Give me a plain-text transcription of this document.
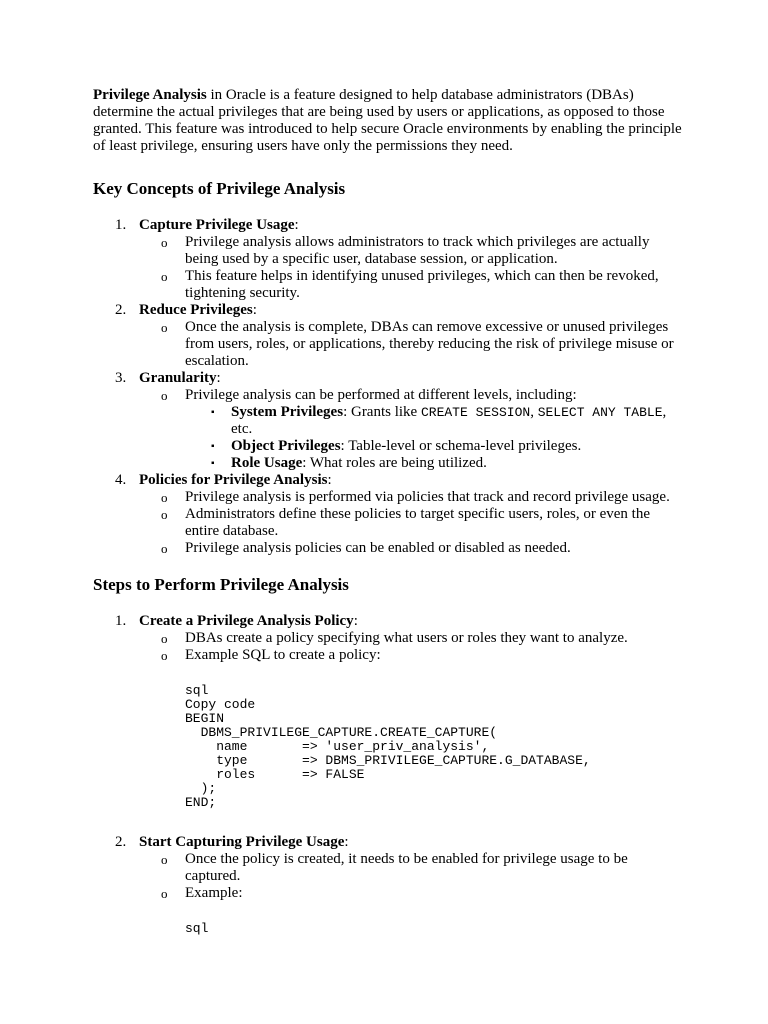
Privilege Analysis in Oracle is a feature designed to help database administrators (DBAs) determine the actual privileges that are being used by users or applications, as opposed to those granted. This feature was introduced to help secure Oracle environments by enabling the principle of least privilege, ensuring users have only the permissions they need.

Key Concepts of Privilege Analysis
1. Capture Privilege Usage:
o Privilege analysis allows administrators to track which privileges are actually being used by a specific user, database session, or application.
o This feature helps in identifying unused privileges, which can then be revoked, tightening security.
2. Reduce Privileges:
o Once the analysis is complete, DBAs can remove excessive or unused privileges from users, roles, or applications, thereby reducing the risk of privilege misuse or escalation.
3. Granularity:
o Privilege analysis can be performed at different levels, including:
▪ System Privileges: Grants like CREATE SESSION, SELECT ANY TABLE, etc.
▪ Object Privileges: Table-level or schema-level privileges.
▪ Role Usage: What roles are being utilized.
4. Policies for Privilege Analysis:
o Privilege analysis is performed via policies that track and record privilege usage.
o Administrators define these policies to target specific users, roles, or even the entire database.
o Privilege analysis policies can be enabled or disabled as needed.
Steps to Perform Privilege Analysis
1. Create a Privilege Analysis Policy:
o DBAs create a policy specifying what users or roles they want to analyze.
o Example SQL to create a policy:
sql
Copy code
BEGIN
DBMS_PRIVILEGE_CAPTURE.CREATE_CAPTURE(
name       => 'user_priv_analysis',
type       => DBMS_PRIVILEGE_CAPTURE.G_DATABASE,
roles      => FALSE
);
END;
2. Start Capturing Privilege Usage:
o Once the policy is created, it needs to be enabled for privilege usage to be captured.
o Example:
sql
